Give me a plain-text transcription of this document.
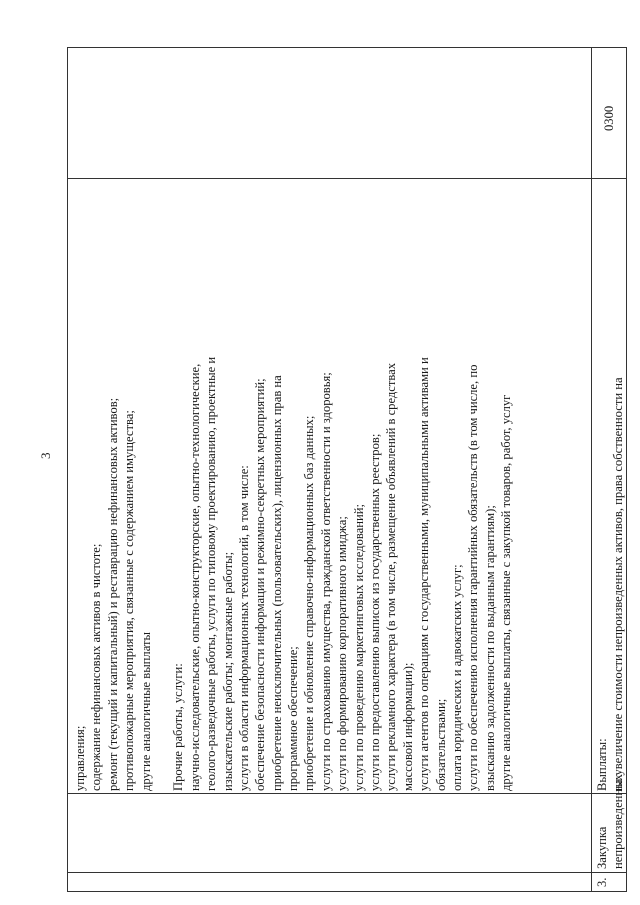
3
управления; содержание нефинансовых активов в чистоте; ремонт (текущий и капитальный) и реставрацию нефинансовых активов; противопожарные мероприятия, связанные с содержанием имущества; другие аналогичные выплаты Прочие работы, услуги: научно-исследовательские, опытно-конструкторские, опытно-технологические, геолого-разведочные работы, услуги по типовому проектированию, проектные и изыскательские работы; монтажные работы; услуги в области информационных технологий, в том числе: обеспечение безопасности информации и режимно-секретных мероприятий; приобретение неисключительных (пользовательских), лицензионных прав на программное обеспечение; приобретение и обновление справочно-информационных баз данных; услуги по страхованию имущества, гражданской ответственности и здоровья; услуги по формированию корпоративного имиджа; услуги по проведению маркетинговых исследований; услуги по предоставлению выписок из государственных реестров; услуги рекламного характера (в том числе, размещение объявлений в средствах массовой информации); услуги агентов по операциям с государственными, муниципальными активами и обязательствами; оплата юридических и адвокатских услуг; услуги по обеспечению исполнения гарантийных обязательств (в том числе, по взысканию задолженности по выданным гарантиям); другие аналогичные выплаты, связанные с закупкой товаров, работ, услуг
3.
Закупка непроизведенных
Выплаты: на увеличение стоимости непроизведенных активов, права собственности на
0300
